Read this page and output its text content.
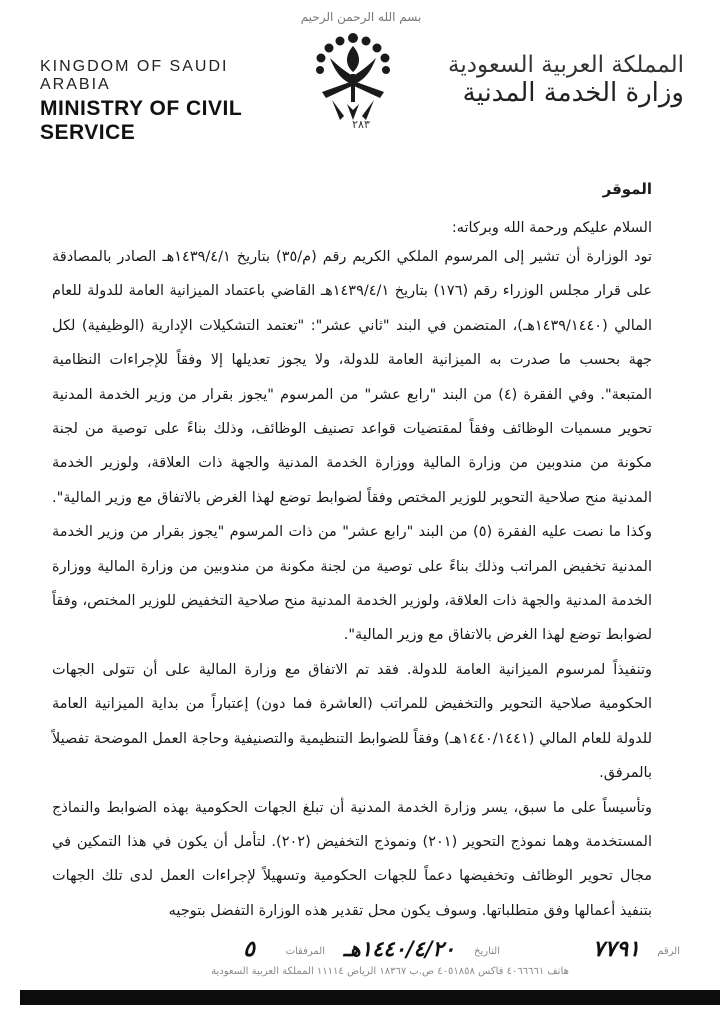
بسم الله الرحمن الرحيم
KINGDOM OF SAUDI ARABIA
MINISTRY OF CIVIL SERVICE
المملكة العربية السعودية
وزارة الخدمة المدنية
٢٨٣
الموقر
السلام عليكم ورحمة الله وبركاته:

تود الوزارة أن تشير إلى المرسوم الملكي الكريم رقم (م/٣٥) بتاريخ ١٤٣٩/٤/١هـ الصادر بالمصادقة على قرار مجلس الوزراء رقم (١٧٦) بتاريخ ١٤٣٩/٤/١هـ القاضي باعتماد الميزانية العامة للدولة للعام المالي (١٤٣٩/١٤٤٠هـ)، المتضمن في البند "ثاني عشر": "تعتمد التشكيلات الإدارية (الوظيفية) لكل جهة بحسب ما صدرت به الميزانية العامة للدولة، ولا يجوز تعديلها إلا وفقاً للإجراءات النظامية المتبعة". وفي الفقرة (٤) من البند "رابع عشر" من المرسوم "يجوز بقرار من وزير الخدمة المدنية تحوير مسميات الوظائف وفقاً لمقتضيات قواعد تصنيف الوظائف، وذلك بناءً على توصية من لجنة مكونة من مندوبين من وزارة المالية ووزارة الخدمة المدنية والجهة ذات العلاقة، ولوزير الخدمة المدنية منح صلاحية التحوير للوزير المختص وفقاً لضوابط توضع لهذا الغرض بالاتفاق مع وزير المالية". وكذا ما نصت عليه الفقرة (٥) من البند "رابع عشر" من ذات المرسوم "يجوز بقرار من وزير الخدمة المدنية تخفيض المراتب وذلك بناءً على توصية من لجنة مكونة من مندوبين من وزارة المالية ووزارة الخدمة المدنية والجهة ذات العلاقة، ولوزير الخدمة المدنية منح صلاحية التخفيض للوزير المختص، وفقاً لضوابط توضع لهذا الغرض بالاتفاق مع وزير المالية".

وتنفيذاً لمرسوم الميزانية العامة للدولة. فقد تم الاتفاق مع وزارة المالية على أن تتولى الجهات الحكومية صلاحية التحوير والتخفيض للمراتب (العاشرة فما دون) إعتباراً من بداية الميزانية العامة للدولة للعام المالي (١٤٤٠/١٤٤١هـ) وفقاً للضوابط التنظيمية والتصنيفية وحاجة العمل الموضحة تفصيلاً بالمرفق.

وتأسيساً على ما سبق، يسر وزارة الخدمة المدنية أن تبلغ الجهات الحكومية بهذه الضوابط والنماذج المستخدمة وهما نموذج التحوير (٢٠١) ونموذج التخفيض (٢٠٢). لتأمل أن يكون في هذا التمكين في مجال تحوير الوظائف وتخفيضها دعماً للجهات الحكومية وتسهيلاً لإجراءات العمل لدى تلك الجهات بتنفيذ أعمالها وفق متطلباتها. وسوف يكون محل تقدير هذه الوزارة التفضل بتوجيه

الرقم
٧٧٩١
التاريخ
١٤٤٠/٤/٢٠هـ
المرفقات
٥
هاتف ٤٠٦٦٦٦١ فاكس ٤٠٥١٨٥٨ ص.ب ١٨٣٦٧ الرياض ١١١١٤ المملكة العربية السعودية
